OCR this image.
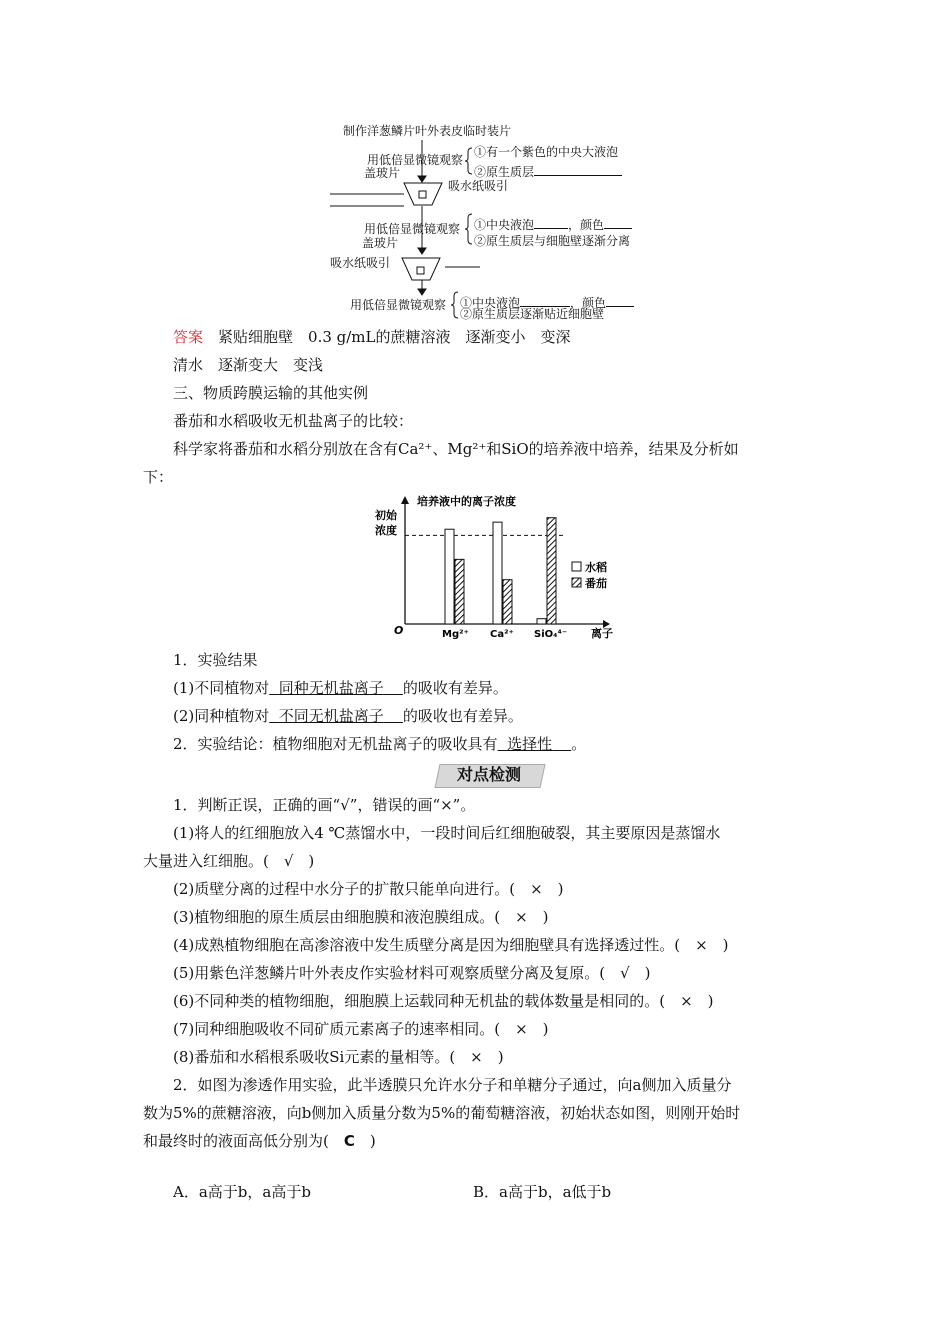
制作洋葱鳞片叶外表皮临时装片
用低倍显微镜观察
①有一个紫色的中央大液泡
②原生质层
盖玻片
吸水纸吸引
用低倍显微镜观察 ①中央液泡	，颜色
②原生质层与细胞壁逐渐分离
盖玻片
吸水纸吸引
用低倍显微镜观察 ①中央液泡	，颜色
②原生质层逐渐贴近细胞壁
答案　 紧贴细胞壁　0.3 g/mL的蔗糖溶液　逐渐变小　变深
清水　逐渐变大　变浅
三、物质跨膜运输的其他实例
番茄和水稻吸收无机盐离子的比较：
科学家将番茄和水稻分别放在含有Ca²⁺、Mg²⁺和SiO的培养液中培养，结果及分析如
下：
培养液中的离子浓度
初始
浓度
O	离子
Mg²⁺ Ca²⁺ SiO₄⁴⁻
水稻
番茄
1．实验结果
(1)不同植物对 同种无机盐离子 的吸收有差异。
(2)同种植物对 不同无机盐离子 的吸收也有差异。
2．实验结论：植物细胞对无机盐离子的吸收具有 选择性 。
对点检测
1．判断正误，正确的画“√”，错误的画“×”。
(1)将人的红细胞放入4 ℃蒸馏水中，一段时间后红细胞破裂，其主要原因是蒸馏水
大量进入红细胞。(　√　)
(2)质壁分离的过程中水分子的扩散只能单向进行。(　×　)
(3)植物细胞的原生质层由细胞膜和液泡膜组成。(　×　)
(4)成熟植物细胞在高渗溶液中发生质壁分离是因为细胞壁具有选择透过性。(　×　)
(5)用紫色洋葱鳞片叶外表皮作实验材料可观察质壁分离及复原。(　√　)
(6)不同种类的植物细胞，细胞膜上运载同种无机盐的载体数量是相同的。(　×　)
(7)同种细胞吸收不同矿质元素离子的速率相同。(　×　)
(8)番茄和水稻根系吸收Si元素的量相等。(　×　)
2．如图为渗透作用实验，此半透膜只允许水分子和单糖分子通过，向a侧加入质量分
数为5%的蔗糖溶液，向b侧加入质量分数为5%的葡萄糖溶液，初始状态如图，则刚开始时
和最终时的液面高低分别为(　C　)
A．a高于b，a高于b	B．a高于b，a低于b
